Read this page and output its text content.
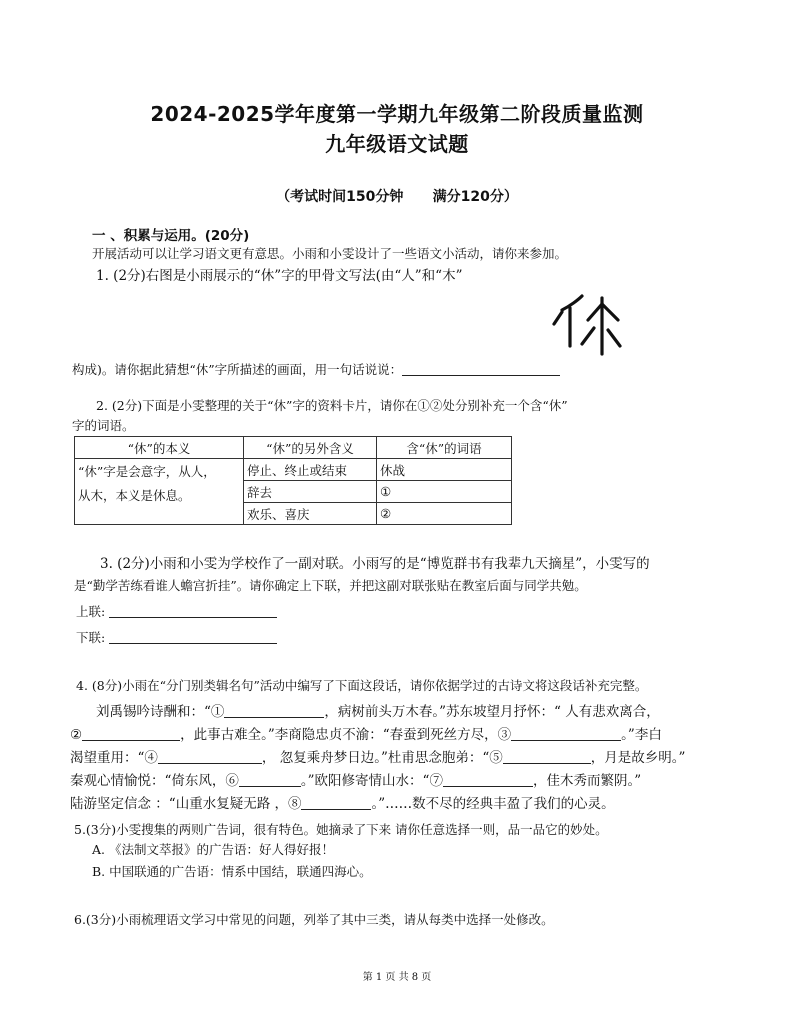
2024-2025学年度第一学期九年级第二阶段质量监测
九年级语文试题
（考试时间150分钟      满分120分）
一 、积累与运用。(20分)
开展活动可以让学习语文更有意思。小雨和小雯设计了一些语文小活动，请你来参加。
1. (2分)右图是小雨展示的“休”字的甲骨文写法(由“人”和“木”
构成)。请你据此猜想“休”字所描述的画面，用一句话说说：
2. (2分)下面是小雯整理的关于“休”字的资料卡片，请你在①②处分别补充一个含“休”
字的词语。
“休”的本义	“休”的另外含义	含“休”的词语

“休”字是会意字，从人，
从木，本义是休息。	停止、终止或结束	休战
	辞去	①
	欢乐、喜庆	②
3. (2分)小雨和小雯为学校作了一副对联。小雨写的是“博览群书有我辈九天摘星”，小雯写的
是“勤学苦练看谁人蟾宫折挂”。请你确定上下联，并把这副对联张贴在教室后面与同学共勉。
上联:
下联:
4. (8分)小雨在“分门别类辑名句”活动中编写了下面这段话，请你依据学过的古诗文将这段话补充完整。
刘禹锡吟诗酬和：“①	，病树前头万木春。”苏东坡望月抒怀：“ 人有悲欢离合，
②	，此事古难全。”李商隐忠贞不渝：“春蚕到死丝方尽，③	。”李白
渴望重用：“④	， 忽复乘舟梦日边。”杜甫思念胞弟：“⑤	，月是故乡明。”
秦观心情愉悦：“倚东风，⑥	。”欧阳修寄情山水：“⑦	，佳木秀而繁阴。”
陆游坚定信念 ：“山重水复疑无路 ，⑧	。”……数不尽的经典丰盈了我们的心灵。
5.(3分)小雯搜集的两则广告词，很有特色。她摘录了下来 请你任意选择一则，品一品它的妙处。
A. 《法制文萃报》的广告语：好人得好报！
B. 中国联通的广告语：情系中国结，联通四海心。
6.(3分)小雨梳理语文学习中常见的问题，列举了其中三类，请从每类中选择一处修改。
第 1 页 共 8 页
